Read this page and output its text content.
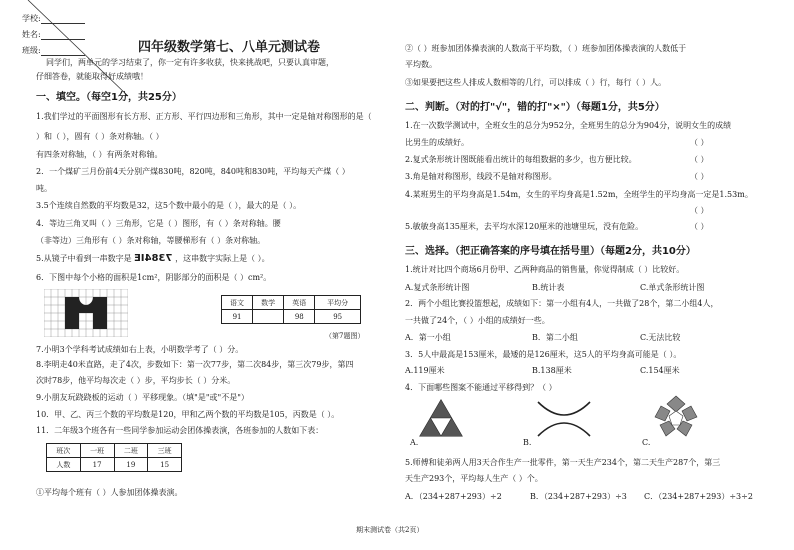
学校:
姓名:
班级:	四年级数学第七、八单元测试卷
同学们，两单元的学习结束了，你一定有许多收获，快来挑战吧，只要认真审题，
仔细答卷，就能取得好成绩哦！
一、填空。（每空1分，共25分）
1.我们学过的平面图形有长方形、正方形、平行四边形和三角形，其中一定是轴对称图形的是（
）和（ ），圆有（ ）条对称轴。（ ）
有四条对称轴，（ ）有两条对称轴。
2．一个煤矿三月份前4天分别产煤830吨，820吨，840吨和830吨，平均每天产煤（ ）
吨。
3.5个连续自然数的平均数是32，这5个数中最小的是（ ），最大的是（ ）。
4．等边三角叉叫（ ）三角形，它是（ ）图形，有（ ）条对称轴。腰
（非等边）三角形有（ ）条对称轴，等腰梯形有（ ）条对称轴。
5.从镜子中看到一串数字是 7384IE ，这串数字实际上是（ ）。
6．下图中每个小格的面积是1cm²，阴影部分的面积是（ ）cm²。
语文	数学	英语	平均分
91		98	95
（第7题图）
7.小明3个学科考试成绩如右上表，小明数学考了（ ）分。
8.李明走40米直路，走了4次，步数如下：第一次77步，第二次84步，第三次79步，第四
次时78步，他平均每次走（ ）步，平均步长（ ）分米。
9.小朋友玩跷跷板的运动（ ）平移现象。（填"是"或"不是"）
10．甲、乙、丙三个数的平均数是120，甲和乙两个数的平均数是105，丙数是（ ）。
11．二年级3个班各有一些同学参加运动会团体操表演，各班参加的人数如下表：
班次	一班	二班	三班
人数	17	19	15
①平均每个班有（ ）人参加团体操表演。
②（ ）班参加团体操表演的人数高于平均数，（ ）班参加团体操表演的人数低于
平均数。
③如果要把这些人排成人数相等的几行，可以排成（ ）行，每行（ ）人。
二、判断。（对的打"√"，错的打"×"）（每题1分，共5分）
1.在一次数学测试中，全班女生的总分为952分，全班男生的总分为904分，说明女生的成绩
比男生的成绩好。	（ ）
2.复式条形统计图既能看出统计的每组数据的多少，也方便比较。	（ ）
3.角是轴对称图形，线段不是轴对称图形。	（ ）
4.某班男生的平均身高是1.54m，女生的平均身高是1.52m，全班学生的平均身高一定是1.53m。
（ ）
5.敏敏身高135厘米，去平均水深120厘米的池塘里玩，没有危险。	（ ）
三、选择。（把正确答案的序号填在括号里）（每题2分，共10分）
1.统计对比四个商场6月份甲、乙两种商品的销售量，你觉得制成（ ）比较好。
A.复式条形统计图	B.统计表	C.单式条形统计图
2．两个小组比赛投篮想起，成绩如下：第一小组有4人，一共做了28个，第二小组4人，
一共做了24个，（ ）小组的成绩好一些。
A．第一小组	B．第二小组	C.无法比较
3．5人中最高是153厘米，最矮的是126厘米，这5人的平均身高可能是（ ）。
A.119厘米	B.138厘米	C.154厘米
4．下面哪些图案不能通过平移得到？（ ）
A.	B.	C.
5.师傅和徒弟两人用3天合作生产一批零件，第一天生产234个，第二天生产287个，第三
天生产293个，平均每人生产（ ）个。
A．（234+287+293）÷2	B．（234+287+293）÷3 C．（234+287+293）÷3÷2
期末测试卷（共2页）
